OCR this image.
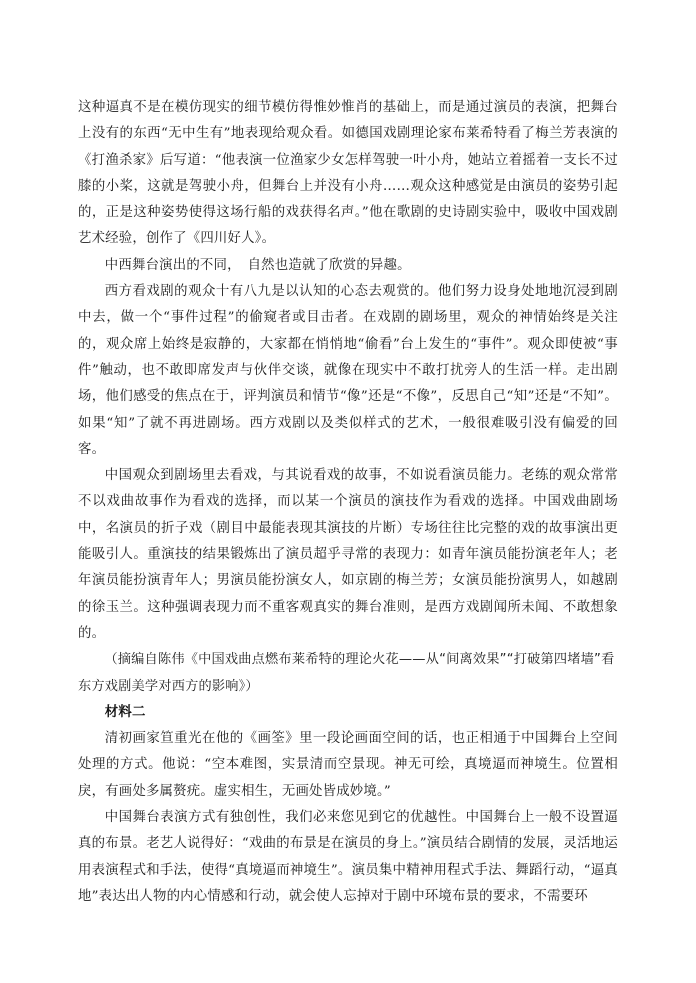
这种逼真不是在模仿现实的细节模仿得惟妙惟肖的基础上，而是通过演员的表演，把舞台上没有的东西“无中生有”地表现给观众看。如德国戏剧理论家布莱希特看了梅兰芳表演的《打渔杀家》后写道：“他表演一位渔家少女怎样驾驶一叶小舟，她站立着摇着一支长不过膝的小桨，这就是驾驶小舟，但舞台上并没有小舟……观众这种感觉是由演员的姿势引起的，正是这种姿势使得这场行船的戏获得名声。”他在歌剧的史诗剧实验中，吸收中国戏剧艺术经验，创作了《四川好人》。

中西舞台演出的不同，　自然也造就了欣赏的异趣。

西方看戏剧的观众十有八九是以认知的心态去观赏的。他们努力设身处地地沉浸到剧中去，做一个“事件过程”的偷窥者或目击者。在戏剧的剧场里，观众的神情始终是关注的，观众席上始终是寂静的，大家都在悄悄地“偷看”台上发生的“事件”。观众即使被“事件”触动，也不敢即席发声与伙伴交谈，就像在现实中不敢打扰旁人的生活一样。走出剧场，他们感受的焦点在于，评判演员和情节“像”还是“不像”，反思自己“知”还是“不知”。如果“知”了就不再进剧场。西方戏剧以及类似样式的艺术，一般很难吸引没有偏爱的回客。

中国观众到剧场里去看戏，与其说看戏的故事，不如说看演员能力。老练的观众常常不以戏曲故事作为看戏的选择，而以某一个演员的演技作为看戏的选择。中国戏曲剧场中，名演员的折子戏（剧目中最能表现其演技的片断）专场往往比完整的戏的故事演出更能吸引人。重演技的结果锻炼出了演员超乎寻常的表现力：如青年演员能扮演老年人；老年演员能扮演青年人；男演员能扮演女人，如京剧的梅兰芳；女演员能扮演男人，如越剧的徐玉兰。这种强调表现力而不重客观真实的舞台准则，是西方戏剧闻所未闻、不敢想象的。

（摘编自陈伟《中国戏曲点燃布莱希特的理论火花——从“间离效果”“打破第四堵墙”看东方戏剧美学对西方的影响》）

材料二

清初画家笪重光在他的《画筌》里一段论画面空间的话，也正相通于中国舞台上空间处理的方式。他说：“空本难图，实景清而空景现。神无可绘，真境逼而神境生。位置相戾，有画处多属赘疣。虚实相生，无画处皆成妙境。”

中国舞台表演方式有独创性，我们必来您见到它的优越性。中国舞台上一般不设置逼真的布景。老艺人说得好：“戏曲的布景是在演员的身上。”演员结合剧情的发展，灵活地运用表演程式和手法，使得“真境逼而神境生”。演员集中精神用程式手法、舞蹈行动，“逼真地”表达出人物的内心情感和行动，就会使人忘掉对于剧中环境布景的要求，不需要环
